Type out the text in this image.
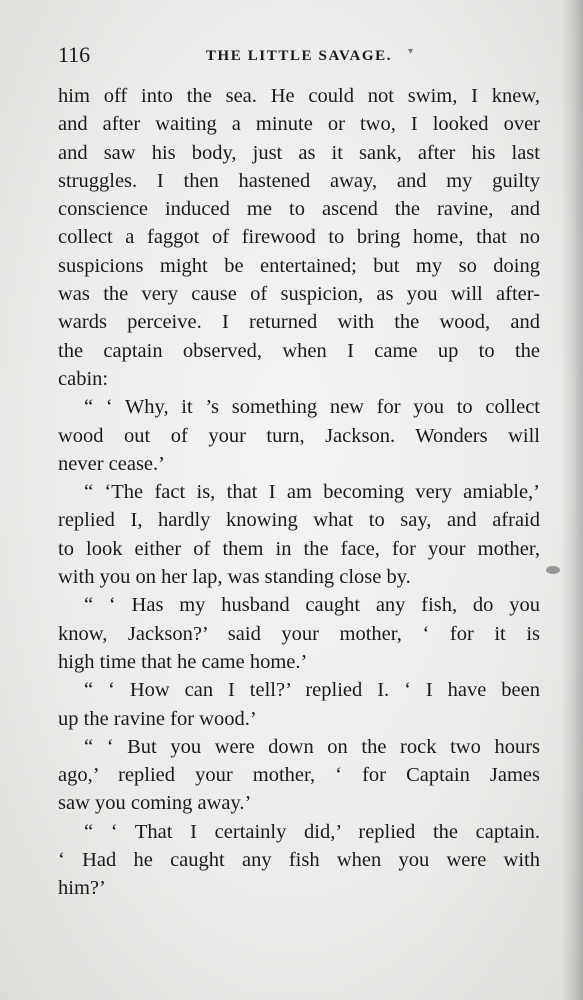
116	THE LITTLE SAVAGE.	▾
him off into the sea. He could not swim, I knew,
and after waiting a minute or two, I looked over
and saw his body, just as it sank, after his last
struggles. I then hastened away, and my guilty
conscience induced me to ascend the ravine, and
collect a faggot of firewood to bring home, that no
suspicions might be entertained; but my so doing
was the very cause of suspicion, as you will after-
wards perceive. I returned with the wood, and
the captain observed, when I came up to the
cabin:
“ ‘ Why, it ’s something new for you to collect
wood out of your turn, Jackson. Wonders will
never cease.’
“ ‘The fact is, that I am becoming very amiable,’
replied I, hardly knowing what to say, and afraid
to look either of them in the face, for your mother,
with you on her lap, was standing close by.
“ ‘ Has my husband caught any fish, do you
know, Jackson?’ said your mother, ‘ for it is
high time that he came home.’
“ ‘ How can I tell?’ replied I. ‘ I have been
up the ravine for wood.’
“ ‘ But you were down on the rock two hours
ago,’ replied your mother, ‘ for Captain James
saw you coming away.’
“ ‘ That I certainly did,’ replied the captain.
‘ Had he caught any fish when you were with
him?’
